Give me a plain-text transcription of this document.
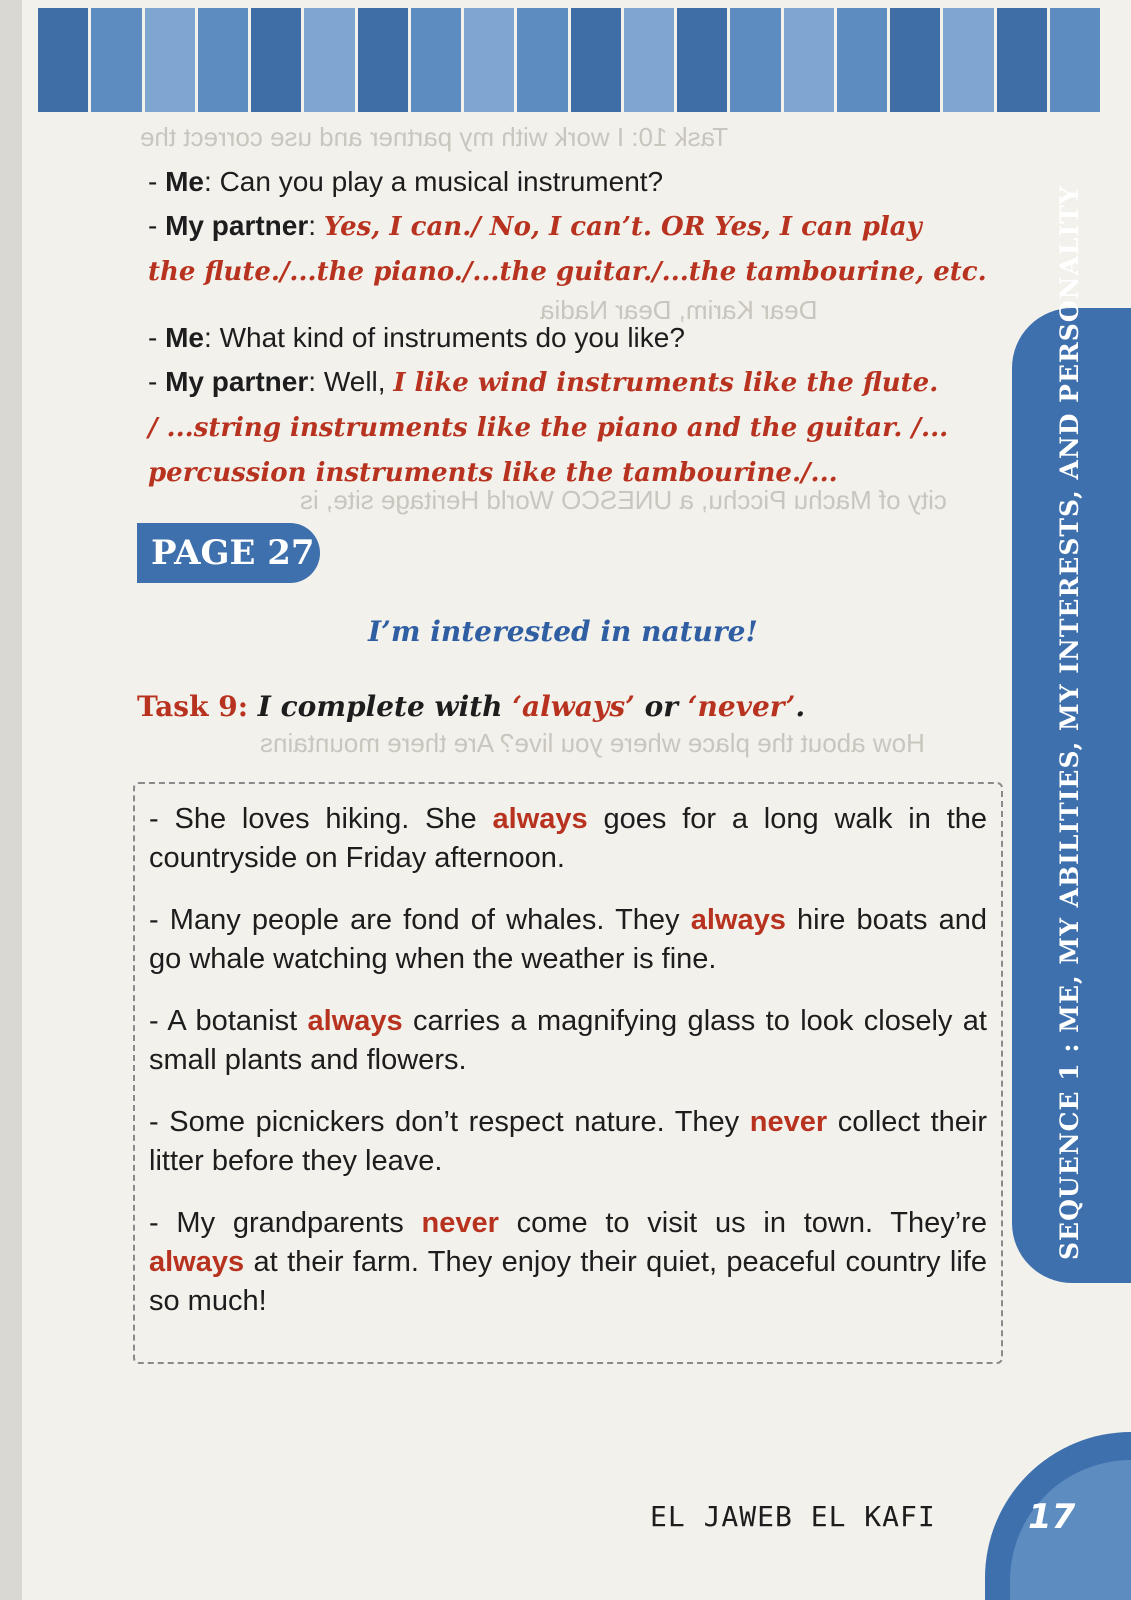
Task 10: I work with my partner and use correct the
Dear Karim, Dear Nadia
city of Machu Picchu, a UNESCO World Heritage site, is
How about the place where you live? Are there mountains
- Me: Can you play a musical instrument?
- My partner: Yes, I can./ No, I can’t. OR Yes, I can play
the flute./...the piano./...the guitar./...the tambourine, etc.
- Me: What kind of instruments do you like?
- My partner: Well, I like wind instruments like the flute.
/ ...string instruments like the piano and the guitar. /...
percussion instruments like the tambourine./...
PAGE 27
I’m interested in nature!
Task 9: I complete with ‘always’ or ‘never’.

- She loves hiking. She always goes for a long walk in the countryside on Friday afternoon.

- Many people are fond of whales. They always hire boats and go whale watching when the weather is fine.

- A botanist always carries a magnifying glass to look closely at small plants and flowers.

- Some picnickers don’t respect nature. They never collect their litter before they leave.

- My grandparents never come to visit us in town. They’re always at their farm. They enjoy their quiet, peaceful country life so much!

SEQUENCE 1 : ME, MY ABILITIES, MY INTERESTS, AND PERSONALITY
17
EL JAWEB EL KAFI
